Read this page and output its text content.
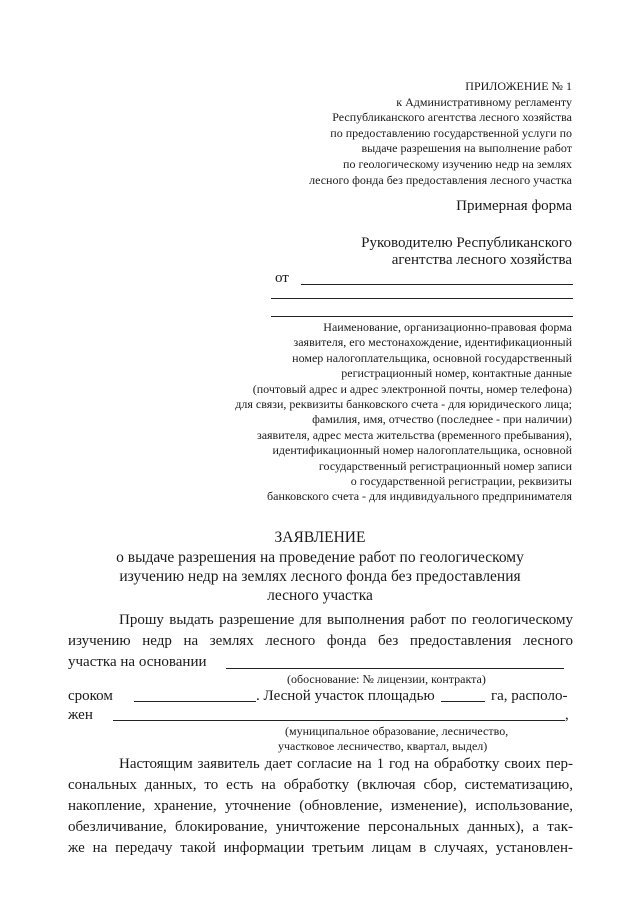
ПРИЛОЖЕНИЕ № 1
к Административному регламенту
Республиканского агентства лесного хозяйства
по предоставлению государственной услуги по
выдаче разрешения на выполнение работ
по геологическому изучению недр на землях
лесного фонда без предоставления лесного участка
Примерная форма
Руководителю Республиканского
агентства лесного хозяйства
от
Наименование, организационно-правовая форма
заявителя, его местонахождение, идентификационный
номер налогоплательщика, основной государственный
регистрационный номер, контактные данные
(почтовый адрес и адрес электронной почты, номер телефона)
для связи, реквизиты банковского счета - для юридического лица;
фамилия, имя, отчество (последнее - при наличии)
заявителя, адрес места жительства (временного пребывания),
идентификационный номер налогоплательщика, основной
государственный регистрационный номер записи
о государственной регистрации, реквизиты
банковского счета - для индивидуального предпринимателя
ЗАЯВЛЕНИЕ
о выдаче разрешения на проведение работ по геологическому
изучению недр на землях лесного фонда без предоставления
лесного участка
Прошу выдать разрешение для выполнения работ по геологическому
изучению недр на землях лесного фонда без предоставления лесного
участка на основании
(обоснование: № лицензии, контракта)
сроком	. Лесной участок площадью	га, располо-
жен	,
(муниципальное образование, лесничество,
участковое лесничество, квартал, выдел)
Настоящим заявитель дает согласие на 1 год на обработку своих пер-
сональных данных, то есть на обработку (включая сбор, систематизацию,
накопление, хранение, уточнение (обновление, изменение), использование,
обезличивание, блокирование, уничтожение персональных данных), а так-
же на передачу такой информации третьим лицам в случаях, установлен-
